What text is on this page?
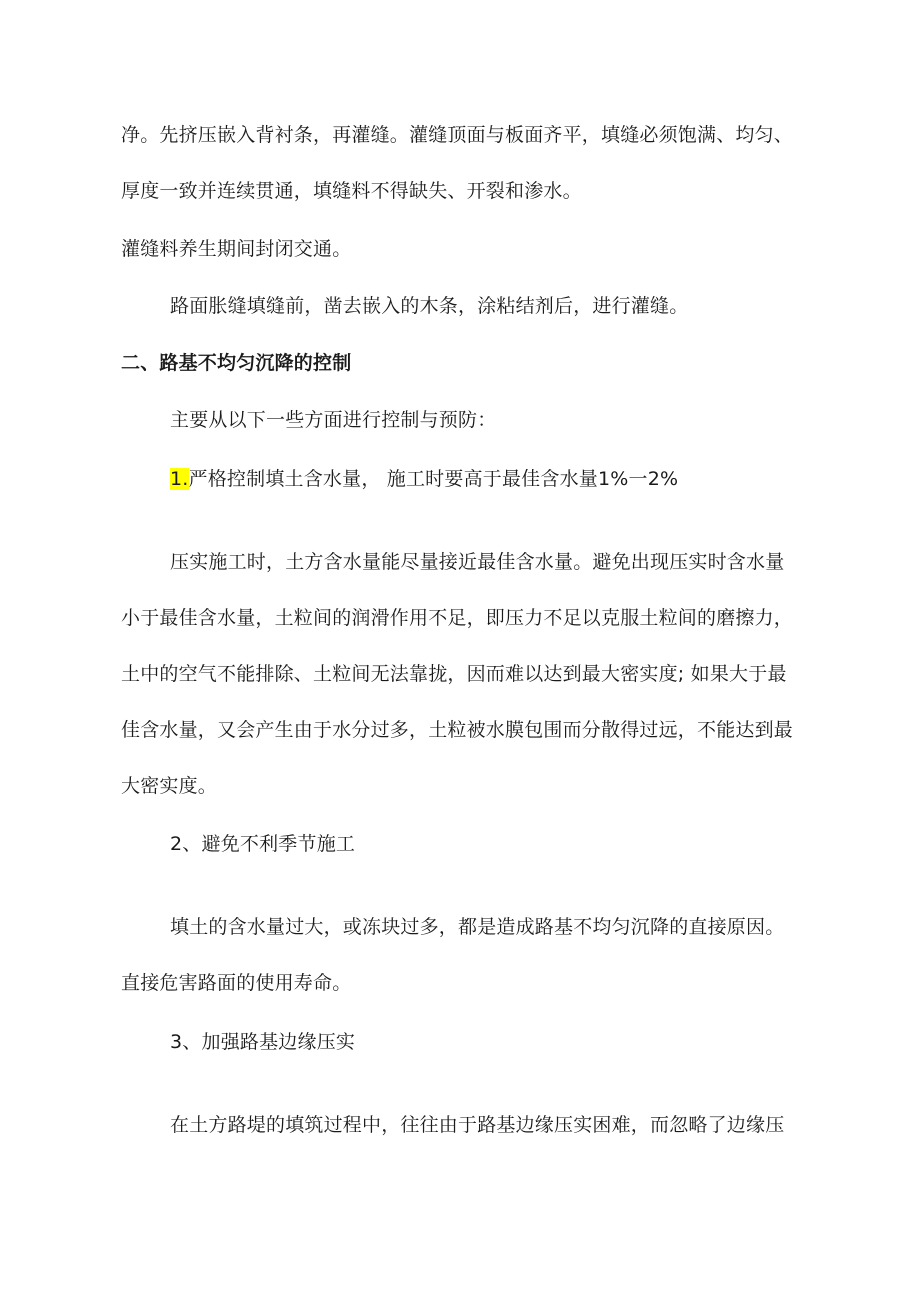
净。先挤压嵌入背衬条，再灌缝。灌缝顶面与板面齐平，填缝必须饱满、均匀、
厚度一致并连续贯通，填缝料不得缺失、开裂和渗水。
灌缝料养生期间封闭交通。
路面胀缝填缝前，凿去嵌入的木条，涂粘结剂后，进行灌缝。
二、路基不均匀沉降的控制
主要从以下一些方面进行控制与预防：
1.严格控制填土含水量， 施工时要高于最佳含水量1%一2%
压实施工时，土方含水量能尽量接近最佳含水量。避免出现压实时含水量
小于最佳含水量，土粒间的润滑作用不足，即压力不足以克服土粒间的磨擦力，
土中的空气不能排除、土粒间无法靠拢，因而难以达到最大密实度; 如果大于最
佳含水量，又会产生由于水分过多，土粒被水膜包围而分散得过远，不能达到最
大密实度。
2、避免不利季节施工
填土的含水量过大，或冻块过多，都是造成路基不均匀沉降的直接原因。
直接危害路面的使用寿命。
3、加强路基边缘压实
在土方路堤的填筑过程中，往往由于路基边缘压实困难，而忽略了边缘压
